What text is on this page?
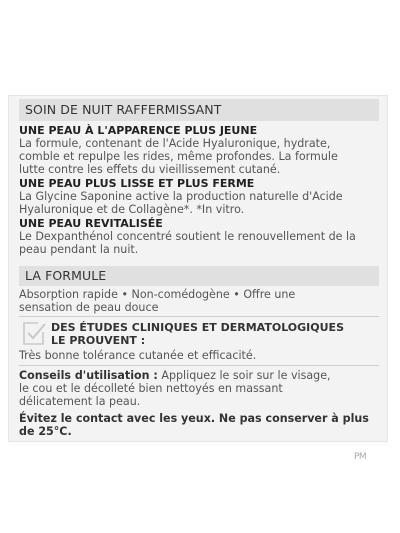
SOIN DE NUIT RAFFERMISSANT
UNE PEAU À L'APPARENCE PLUS JEUNE
La formule, contenant de l'Acide Hyaluronique, hydrate,
comble et repulpe les rides, même profondes. La formule
lutte contre les effets du vieillissement cutané.
UNE PEAU PLUS LISSE ET PLUS FERME
La Glycine Saponine active la production naturelle d'Acide
Hyaluronique et de Collagène*. *In vitro.
UNE PEAU REVITALISÉE
Le Dexpanthénol concentré soutient le renouvellement de la
peau pendant la nuit.
LA FORMULE
Absorption rapide • Non-comédogène • Offre une
sensation de peau douce
DES ÉTUDES CLINIQUES ET DERMATOLOGIQUES
LE PROUVENT :
Très bonne tolérance cutanée et efficacité.
Conseils d'utilisation : Appliquez le soir sur le visage,
le cou et le décolleté bien nettoyés en massant
délicatement la peau.
Évitez le contact avec les yeux. Ne pas conserver à plus
de 25°C.
PM
